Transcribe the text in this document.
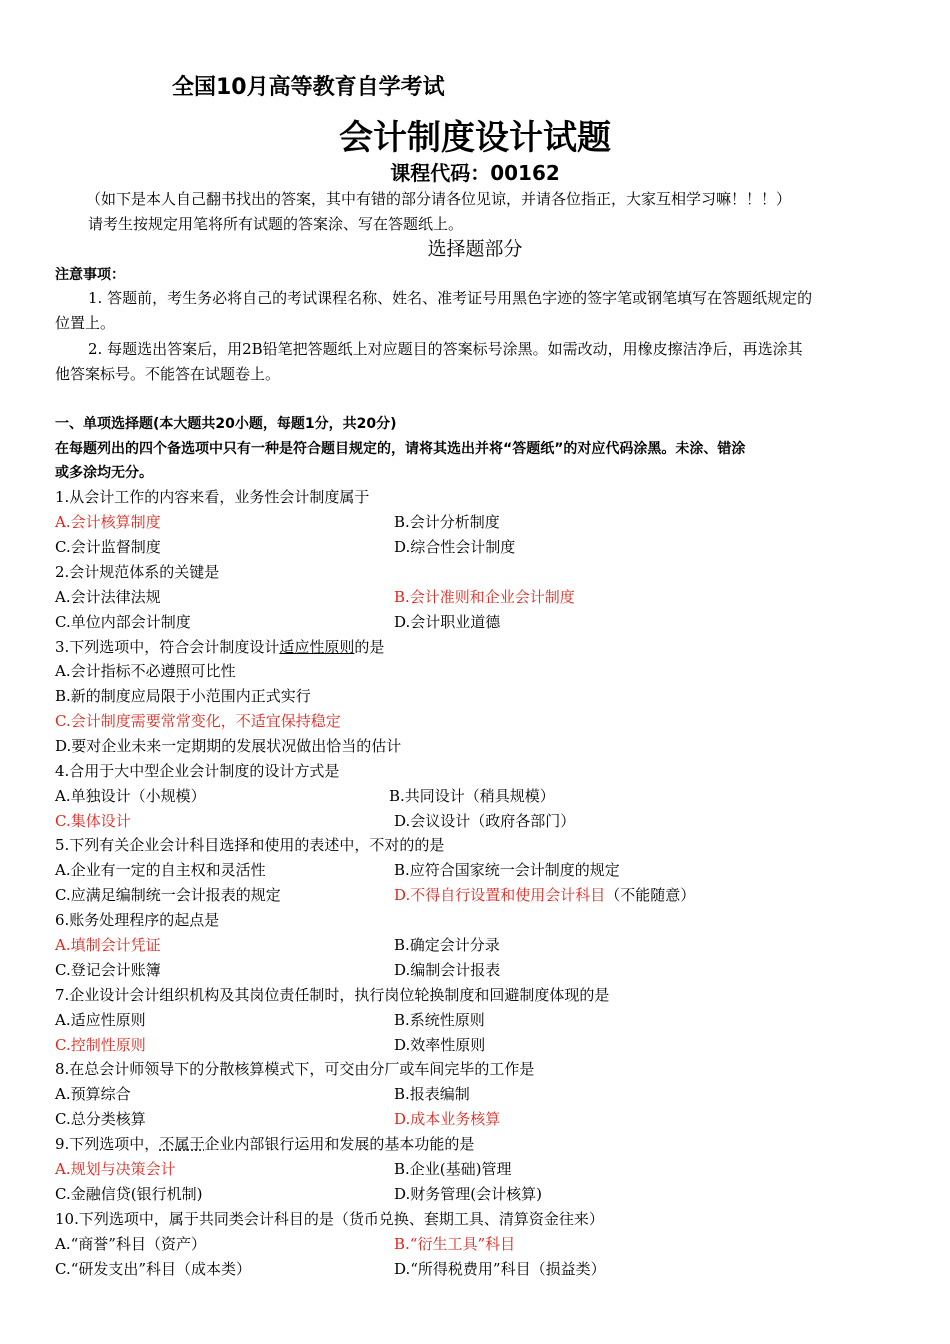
全国10月高等教育自学考试
会计制度设计试题
课程代码：00162
（如下是本人自己翻书找出的答案，其中有错的部分请各位见谅，并请各位指正，大家互相学习嘛！！！）
请考生按规定用笔将所有试题的答案涂、写在答题纸上。
选择题部分
注意事项：
1. 答题前，考生务必将自己的考试课程名称、姓名、准考证号用黑色字迹的签字笔或钢笔填写在答题纸规定的
位置上。
2. 每题选出答案后，用2B铅笔把答题纸上对应题目的答案标号涂黑。如需改动，用橡皮擦洁净后，再选涂其
他答案标号。不能答在试题卷上。
一、单项选择题(本大题共20小题，每题1分，共20分)
在每题列出的四个备选项中只有一种是符合题目规定的，请将其选出并将“答题纸”的对应代码涂黑。未涂、错涂
或多涂均无分。
1.从会计工作的内容来看，业务性会计制度属于
A.会计核算制度	B.会计分析制度
C.会计监督制度	D.综合性会计制度
2.会计规范体系的关键是
A.会计法律法规	B.会计准则和企业会计制度
C.单位内部会计制度	D.会计职业道德
3.下列选项中，符合会计制度设计适应性原则的是
A.会计指标不必遵照可比性
B.新的制度应局限于小范围内正式实行
C.会计制度需要常常变化，不适宜保持稳定
D.要对企业未来一定期期的发展状况做出恰当的估计
4.合用于大中型企业会计制度的设计方式是
A.单独设计（小规模）	B.共同设计（稍具规模）
C.集体设计	D.会议设计（政府各部门）
5.下列有关企业会计科目选择和使用的表述中，不对的的是
A.企业有一定的自主权和灵活性	B.应符合国家统一会计制度的规定
C.应满足编制统一会计报表的规定	D.不得自行设置和使用会计科目（不能随意）
6.账务处理程序的起点是
A.填制会计凭证	B.确定会计分录
C.登记会计账簿	D.编制会计报表
7.企业设计会计组织机构及其岗位责任制时，执行岗位轮换制度和回避制度体现的是
A.适应性原则	B.系统性原则
C.控制性原则	D.效率性原则
8.在总会计师领导下的分散核算模式下，可交由分厂或车间完毕的工作是
A.预算综合	B.报表编制
C.总分类核算	D.成本业务核算
9.下列选项中，不属于企业内部银行运用和发展的基本功能的是
A.规划与决策会计	B.企业(基础)管理
C.金融信贷(银行机制)	D.财务管理(会计核算)
10.下列选项中，属于共同类会计科目的是（货币兑换、套期工具、清算资金往来）
A.“商誉”科目（资产）	B.“衍生工具”科目
C.“研发支出”科目（成本类）	D.“所得税费用”科目（损益类）
